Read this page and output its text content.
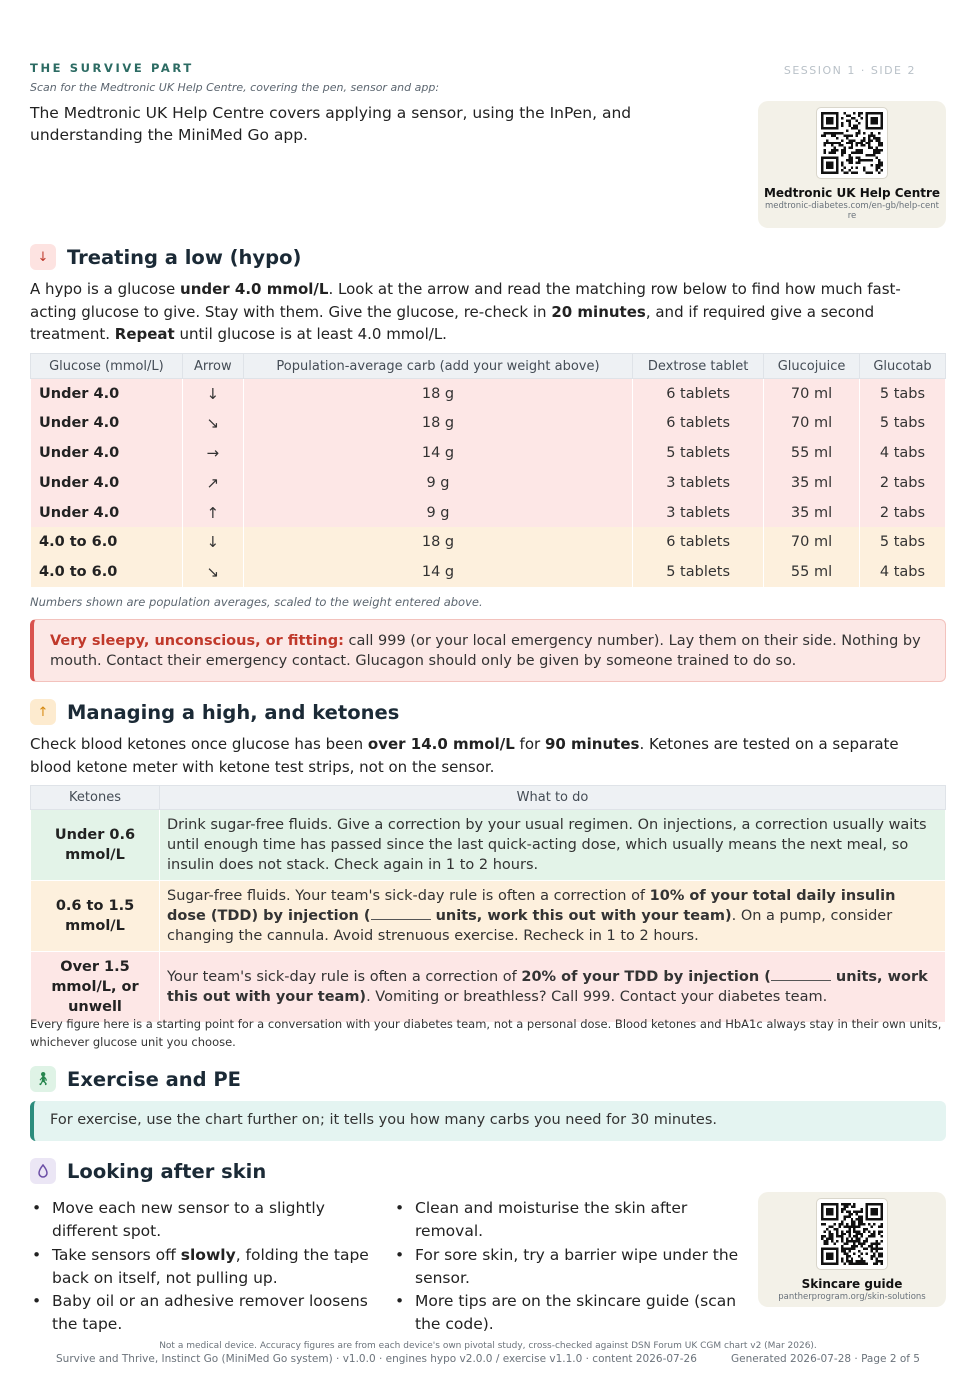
SESSION 1 · SIDE 2
THE SURVIVE PART
Scan for the Medtronic UK Help Centre, covering the pen, sensor and app:
The Medtronic UK Help Centre covers applying a sensor, using the InPen, and understanding the MiniMed Go app.
Medtronic UK Help Centre
medtronic-diabetes.com/en-gb/help-centre
↓ Treating a low (hypo)
A hypo is a glucose under 4.0 mmol/L. Look at the arrow and read the matching row below to find how much fast-acting glucose to give. Stay with them. Give the glucose, re-check in 20 minutes, and if required give a second treatment. Repeat until glucose is at least 4.0 mmol/L.
Glucose (mmol/L)	Arrow	Population-average carb (add your weight above)	Dextrose tablet	Glucojuice	Glucotab
Under 4.0	↓	18 g	6 tablets	70 ml	5 tabs
Under 4.0	↘	18 g	6 tablets	70 ml	5 tabs
Under 4.0	→	14 g	5 tablets	55 ml	4 tabs
Under 4.0	↗	9 g	3 tablets	35 ml	2 tabs
Under 4.0	↑	9 g	3 tablets	35 ml	2 tabs
4.0 to 6.0	↓	18 g	6 tablets	70 ml	5 tabs
4.0 to 6.0	↘	14 g	5 tablets	55 ml	4 tabs
Numbers shown are population averages, scaled to the weight entered above.
Very sleepy, unconscious, or fitting: call 999 (or your local emergency number). Lay them on their side. Nothing by mouth. Contact their emergency contact. Glucagon should only be given by someone trained to do so.
↑ Managing a high, and ketones
Check blood ketones once glucose has been over 14.0 mmol/L for 90 minutes. Ketones are tested on a separate blood ketone meter with ketone test strips, not on the sensor.
Ketones	What to do
Under 0.6 mmol/L	Drink sugar-free fluids. Give a correction by your usual regimen. On injections, a correction usually waits until enough time has passed since the last quick-acting dose, which usually means the next meal, so insulin does not stack. Check again in 1 to 2 hours.
0.6 to 1.5 mmol/L	Sugar-free fluids. Your team's sick-day rule is often a correction of 10% of your total daily insulin dose (TDD) by injection ( units, work this out with your team). On a pump, consider changing the cannula. Avoid strenuous exercise. Recheck in 1 to 2 hours.
Over 1.5 mmol/L, or unwell	Your team's sick-day rule is often a correction of 20% of your TDD by injection ( units, work this out with your team). Vomiting or breathless? Call 999. Contact your diabetes team.
Every figure here is a starting point for a conversation with your diabetes team, not a personal dose. Blood ketones and HbA1c always stay in their own units, whichever glucose unit you choose.
🚶︎ Exercise and PE
For exercise, use the chart further on; it tells you how many carbs you need for 30 minutes.
Looking after skin
• Move each new sensor to a slightly different spot.
• Take sensors off slowly, folding the tape back on itself, not pulling up.
• Baby oil or an adhesive remover loosens the tape.
• Clean and moisturise the skin after removal.
• For sore skin, try a barrier wipe under the sensor.
• More tips are on the skincare guide (scan the code).
Skincare guide
pantherprogram.org/skin-solutions
Not a medical device. Accuracy figures are from each device's own pivotal study, cross-checked against DSN Forum UK CGM chart v2 (Mar 2026).
Survive and Thrive, Instinct Go (MiniMed Go system) · v1.0.0 · engines hypo v2.0.0 / exercise v1.1.0 · content 2026-07-26	Generated 2026-07-28 · Page 2 of 5
